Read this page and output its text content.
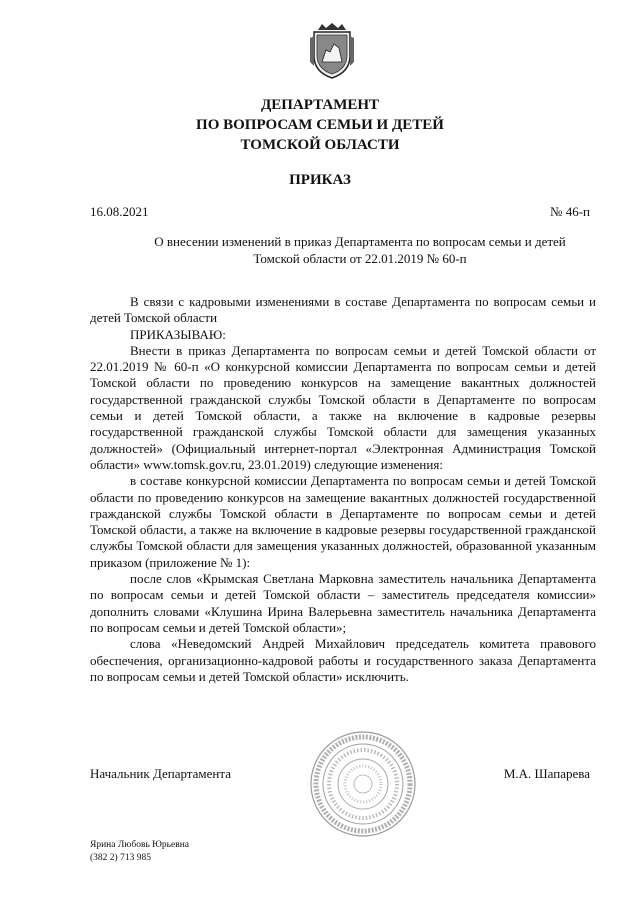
ДЕПАРТАМЕНТ
ПО ВОПРОСАМ СЕМЬИ И ДЕТЕЙ
ТОМСКОЙ ОБЛАСТИ
ПРИКАЗ
16.08.2021	№ 46-п
О внесении изменений в приказ Департамента по вопросам семьи и детей
Томской области от 22.01.2019 № 60-п

В связи с кадровыми изменениями в составе Департамента по вопросам семьи и детей Томской области

ПРИКАЗЫВАЮ:

Внести в приказ Департамента по вопросам семьи и детей Томской области от 22.01.2019 № 60-п «О конкурсной комиссии Департамента по вопросам семьи и детей Томской области по проведению конкурсов на замещение вакантных должностей государственной гражданской службы Томской области в Департаменте по вопросам семьи и детей Томской области, а также на включение в кадровые резервы государственной гражданской службы Томской области для замещения указанных должностей» (Официальный интернет-портал «Электронная Администрация Томской области» www.tomsk.gov.ru, 23.01.2019) следующие изменения:

в составе конкурсной комиссии Департамента по вопросам семьи и детей Томской области по проведению конкурсов на замещение вакантных должностей государственной гражданской службы Томской области в Департаменте по вопросам семьи и детей Томской области, а также на включение в кадровые резервы государственной гражданской службы Томской области для замещения указанных должностей, образованной указанным приказом (приложение № 1):

после слов «Крымская Светлана Марковна заместитель начальника Департамента по вопросам семьи и детей Томской области – заместитель председателя комиссии» дополнить словами «Клушина Ирина Валерьевна заместитель начальника Департамента по вопросам семьи и детей Томской области»;

слова «Неведомский Андрей Михайлович председатель комитета правового обеспечения, организационно-кадровой работы и государственного заказа Департамента по вопросам семьи и детей Томской области» исключить.

Начальник Департамента	М.А. Шапарева
Ярина Любовь Юрьевна
(382 2) 713 985
